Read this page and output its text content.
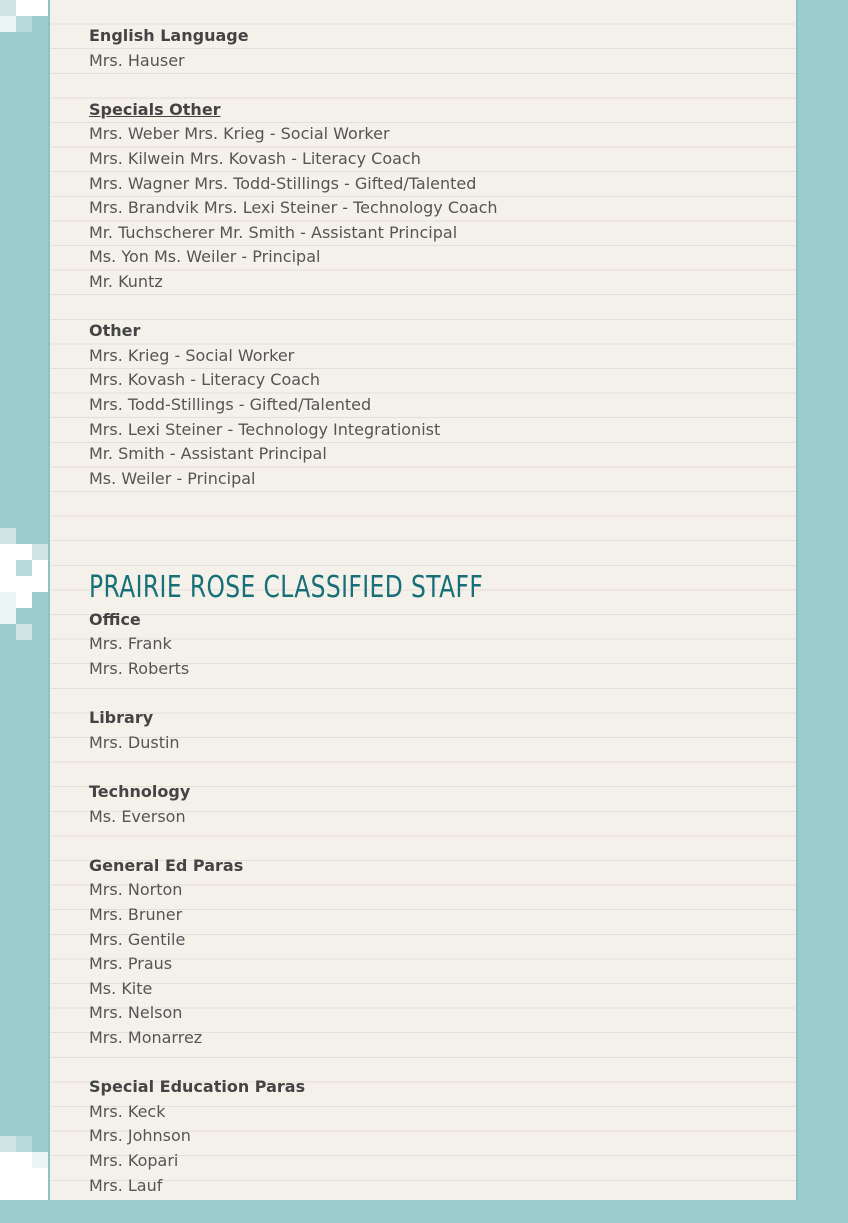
English Language
Mrs. Hauser
Specials Other
Mrs. Weber Mrs. Krieg - Social Worker
Mrs. Kilwein Mrs. Kovash - Literacy Coach
Mrs. Wagner Mrs. Todd-Stillings - Gifted/Talented
Mrs. Brandvik Mrs. Lexi Steiner - Technology Coach
Mr. Tuchscherer Mr. Smith - Assistant Principal
Ms. Yon Ms. Weiler - Principal
Mr. Kuntz
Other
Mrs. Krieg - Social Worker
Mrs. Kovash - Literacy Coach
Mrs. Todd-Stillings - Gifted/Talented
Mrs. Lexi Steiner - Technology Integrationist
Mr. Smith - Assistant Principal
Ms. Weiler - Principal
PRAIRIE ROSE CLASSIFIED STAFF
Office
Mrs. Frank
Mrs. Roberts
Library
Mrs. Dustin
Technology
Ms. Everson
General Ed Paras
Mrs. Norton
Mrs. Bruner
Mrs. Gentile
Mrs. Praus
Ms. Kite
Mrs. Nelson
Mrs. Monarrez
Special Education Paras
Mrs. Keck
Mrs. Johnson
Mrs. Kopari
Mrs. Lauf
